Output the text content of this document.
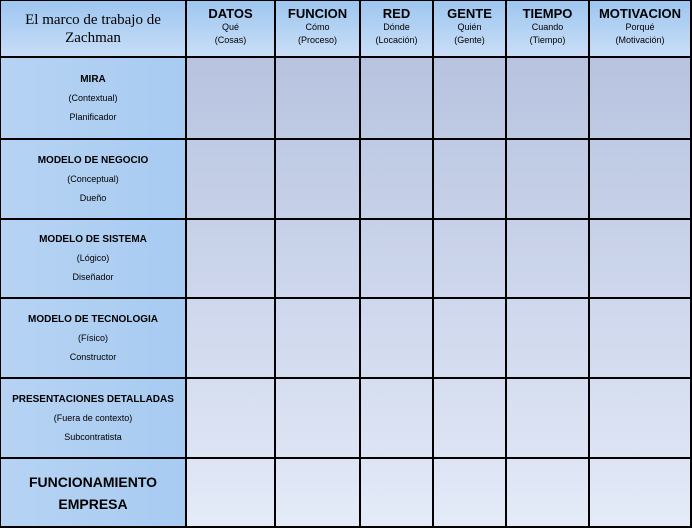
El marco de trabajo de Zachman
DATOS
Qué
(Cosas)
FUNCION
Cómo
(Proceso)
RED
Dónde
(Locación)
GENTE
Quién
(Gente)
TIEMPO
Cuando
(Tiempo)
MOTIVACION
Porqué
(Motivación)
MIRA
(Contextual)
Planificador
MODELO DE NEGOCIO
(Conceptual)
Dueño
MODELO DE SISTEMA
(Lógico)
Diseñador
MODELO DE TECNOLOGIA
(Físico)
Constructor
PRESENTACIONES DETALLADAS
(Fuera de contexto)
Subcontratista
FUNCIONAMIENTO EMPRESA
